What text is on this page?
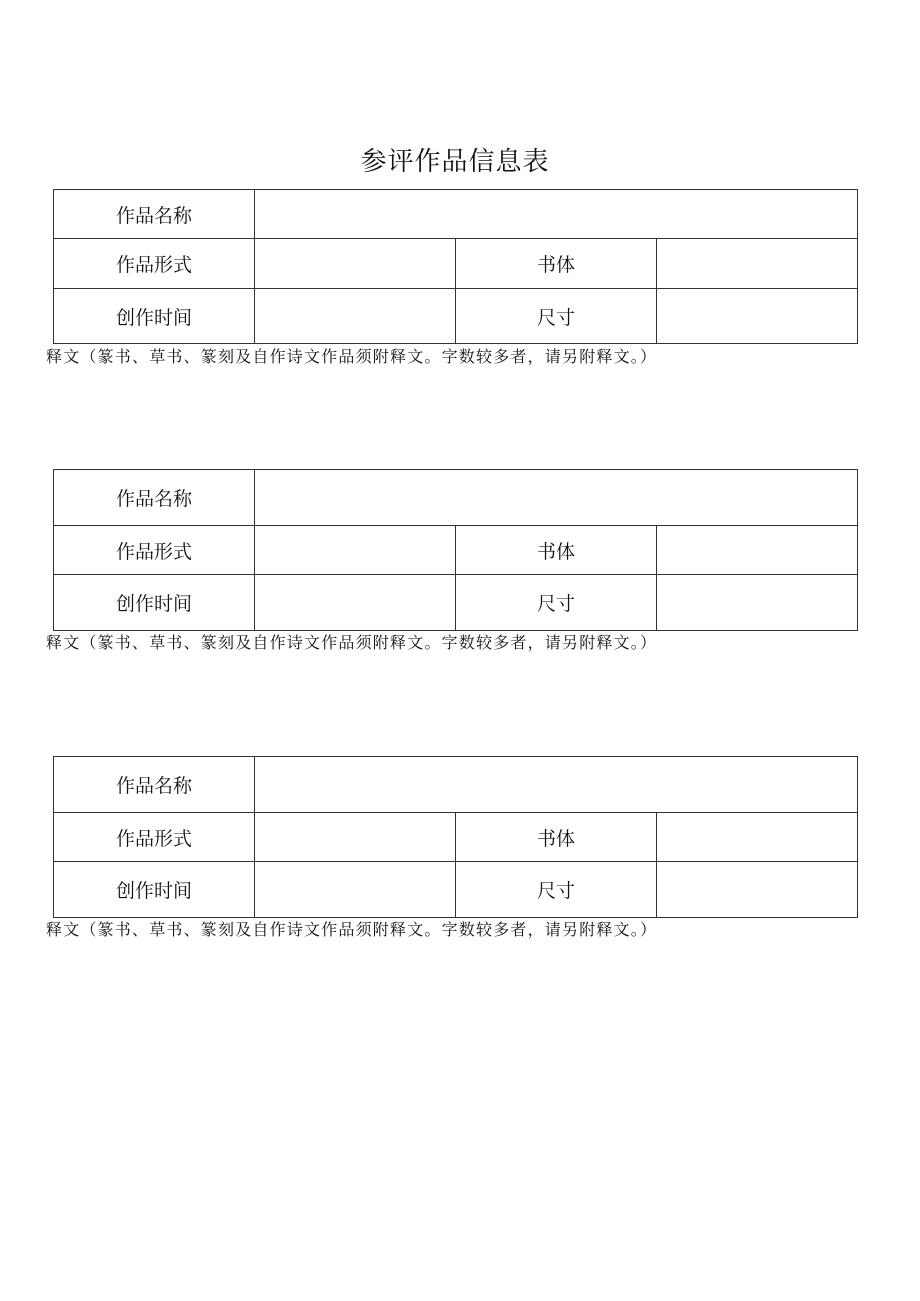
参评作品信息表
作品名称			
作品形式		书体	
创作时间		尺寸	
释文（篆书、草书、篆刻及自作诗文作品须附释文。字数较多者，请另附释文。）
作品名称			
作品形式		书体	
创作时间		尺寸	
释文（篆书、草书、篆刻及自作诗文作品须附释文。字数较多者，请另附释文。）
作品名称			
作品形式		书体	
创作时间		尺寸	
释文（篆书、草书、篆刻及自作诗文作品须附释文。字数较多者，请另附释文。）
